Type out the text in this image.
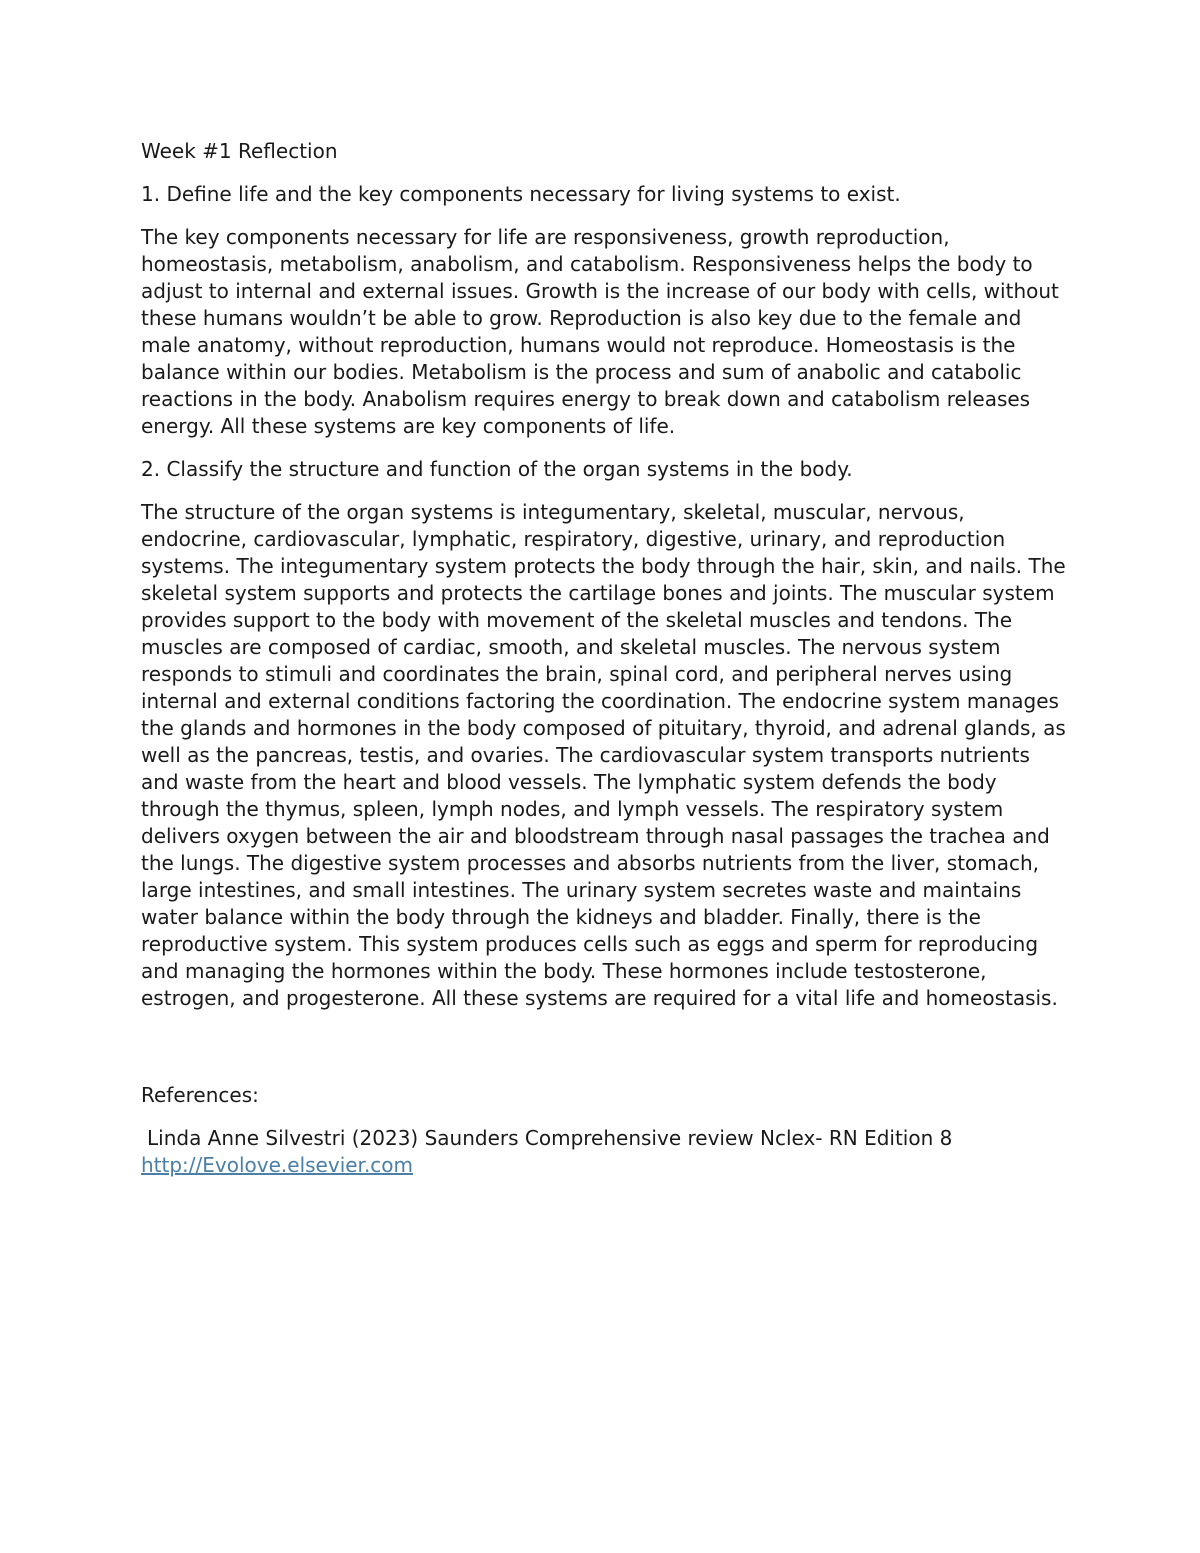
Week #1 Reflection

1. Define life and the key components necessary for living systems to exist.

The key components necessary for life are responsiveness, growth reproduction, homeostasis, metabolism, anabolism, and catabolism. Responsiveness helps the body to adjust to internal and external issues. Growth is the increase of our body with cells, without these humans wouldn’t be able to grow. Reproduction is also key due to the female and male anatomy, without reproduction, humans would not reproduce. Homeostasis is the balance within our bodies. Metabolism is the process and sum of anabolic and catabolic reactions in the body. Anabolism requires energy to break down and catabolism releases energy. All these systems are key components of life.

2. Classify the structure and function of the organ systems in the body.

The structure of the organ systems is integumentary, skeletal, muscular, nervous, endocrine, cardiovascular, lymphatic, respiratory, digestive, urinary, and reproduction systems. The integumentary system protects the body through the hair, skin, and nails. The skeletal system supports and protects the cartilage bones and joints. The muscular system provides support to the body with movement of the skeletal muscles and tendons. The muscles are composed of cardiac, smooth, and skeletal muscles. The nervous system responds to stimuli and coordinates the brain, spinal cord, and peripheral nerves using internal and external conditions factoring the coordination. The endocrine system manages the glands and hormones in the body composed of pituitary, thyroid, and adrenal glands, as well as the pancreas, testis, and ovaries. The cardiovascular system transports nutrients and waste from the heart and blood vessels. The lymphatic system defends the body through the thymus, spleen, lymph nodes, and lymph vessels. The respiratory system delivers oxygen between the air and bloodstream through nasal passages the trachea and the lungs. The digestive system processes and absorbs nutrients from the liver, stomach, large intestines, and small intestines. The urinary system secretes waste and maintains water balance within the body through the kidneys and bladder. Finally, there is the reproductive system. This system produces cells such as eggs and sperm for reproducing and managing the hormones within the body. These hormones include testosterone, estrogen, and progesterone. All these systems are required for a vital life and homeostasis.

References:

Linda Anne Silvestri (2023) Saunders Comprehensive review Nclex- RN Edition 8
http://Evolove.elsevier.com
